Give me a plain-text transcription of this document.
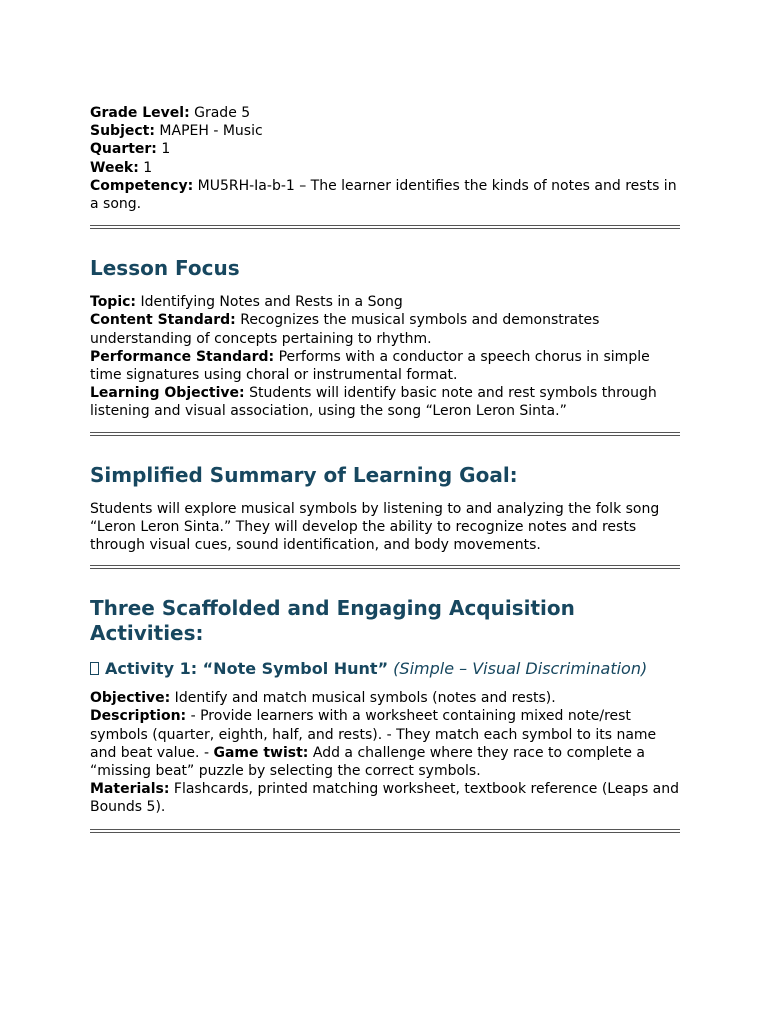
Grade Level: Grade 5

Subject: MAPEH - Music

Quarter: 1

Week: 1

Competency: MU5RH-Ia-b-1 – The learner identifies the kinds of notes and rests in a song.

Lesson Focus

Topic: Identifying Notes and Rests in a Song

Content Standard: Recognizes the musical symbols and demonstrates understanding of concepts pertaining to rhythm.

Performance Standard: Performs with a conductor a speech chorus in simple time signatures using choral or instrumental format.

Learning Objective: Students will identify basic note and rest symbols through listening and visual association, using the song “Leron Leron Sinta.”

Simplified Summary of Learning Goal:

Students will explore musical symbols by listening to and analyzing the folk song “Leron Leron Sinta.” They will develop the ability to recognize notes and rests through visual cues, sound identification, and body movements.

Three Scaffolded and Engaging Acquisition Activities:
Activity 1: “Note Symbol Hunt” (Simple – Visual Discrimination)

Objective: Identify and match musical symbols (notes and rests).

Description: - Provide learners with a worksheet containing mixed note/rest symbols (quarter, eighth, half, and rests). - They match each symbol to its name and beat value. - Game twist: Add a challenge where they race to complete a “missing beat” puzzle by selecting the correct symbols.

Materials: Flashcards, printed matching worksheet, textbook reference (Leaps and Bounds 5).
